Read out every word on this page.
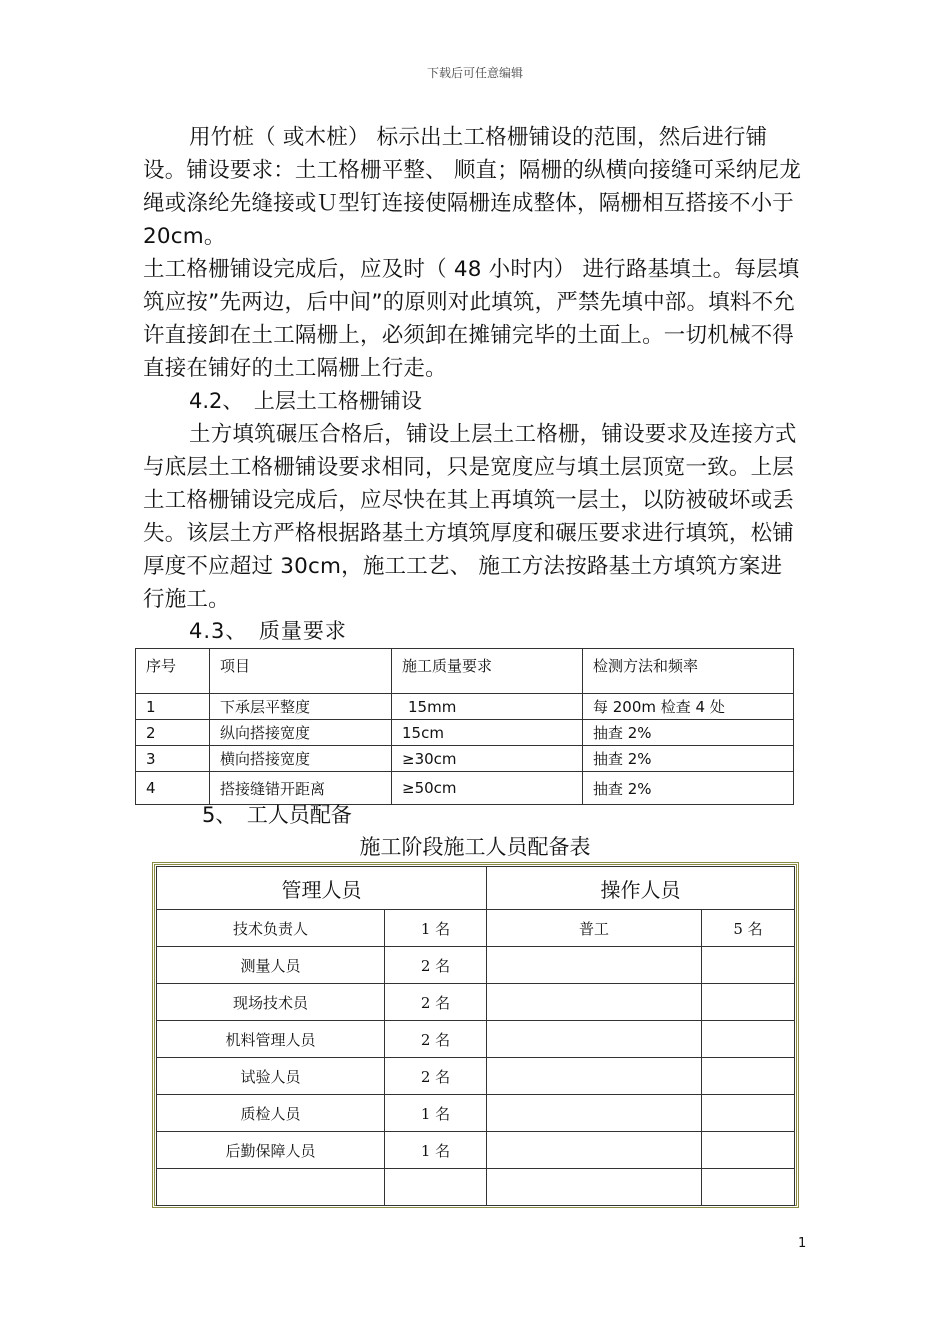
下载后可任意编辑

用竹桩（ 或木桩） 标示出土工格栅铺设的范围，然后进行铺设。铺设要求：土工格栅平整、 顺直；隔栅的纵横向接缝可采纳尼龙绳或涤纶先缝接或Ｕ型钉连接使隔栅连成整体，隔栅相互搭接不小于 20cm。

土工格栅铺设完成后，应及时（ 48 小时内） 进行路基填土。每层填筑应按”先两边，后中间”的原则对此填筑，严禁先填中部。填料不允许直接卸在土工隔栅上，必须卸在摊铺完毕的土面上。一切机械不得直接在铺好的土工隔栅上行走。

4.2、　上层土工格栅铺设

土方填筑碾压合格后，铺设上层土工格栅，铺设要求及连接方式与底层土工格栅铺设要求相同，只是宽度应与填土层顶宽一致。上层土工格栅铺设完成后，应尽快在其上再填筑一层土，以防被破坏或丢失。该层土方严格根据路基土方填筑厚度和碾压要求进行填筑，松铺厚度不应超过 30cm，施工工艺、 施工方法按路基土方填筑方案进行施工。

4.3、　质量要求

序号	项目	施工质量要求	检测方法和频率
1	下承层平整度	15mm	每 200m 检查 4 处
2	纵向搭接宽度	15cm	抽查 2%
3	横向搭接宽度	≥30cm	抽查 2%
4	搭接缝错开距离	≥50cm	抽查 2%

5、　工人员配备

施工阶段施工人员配备表
管理人员		操作人员	
技术负责人	1 名	普工	5 名
测量人员	2 名		
现场技术员	2 名		
机料管理人员	2 名		
试验人员	2 名		
质检人员	1 名		
后勤保障人员	1 名		

1
